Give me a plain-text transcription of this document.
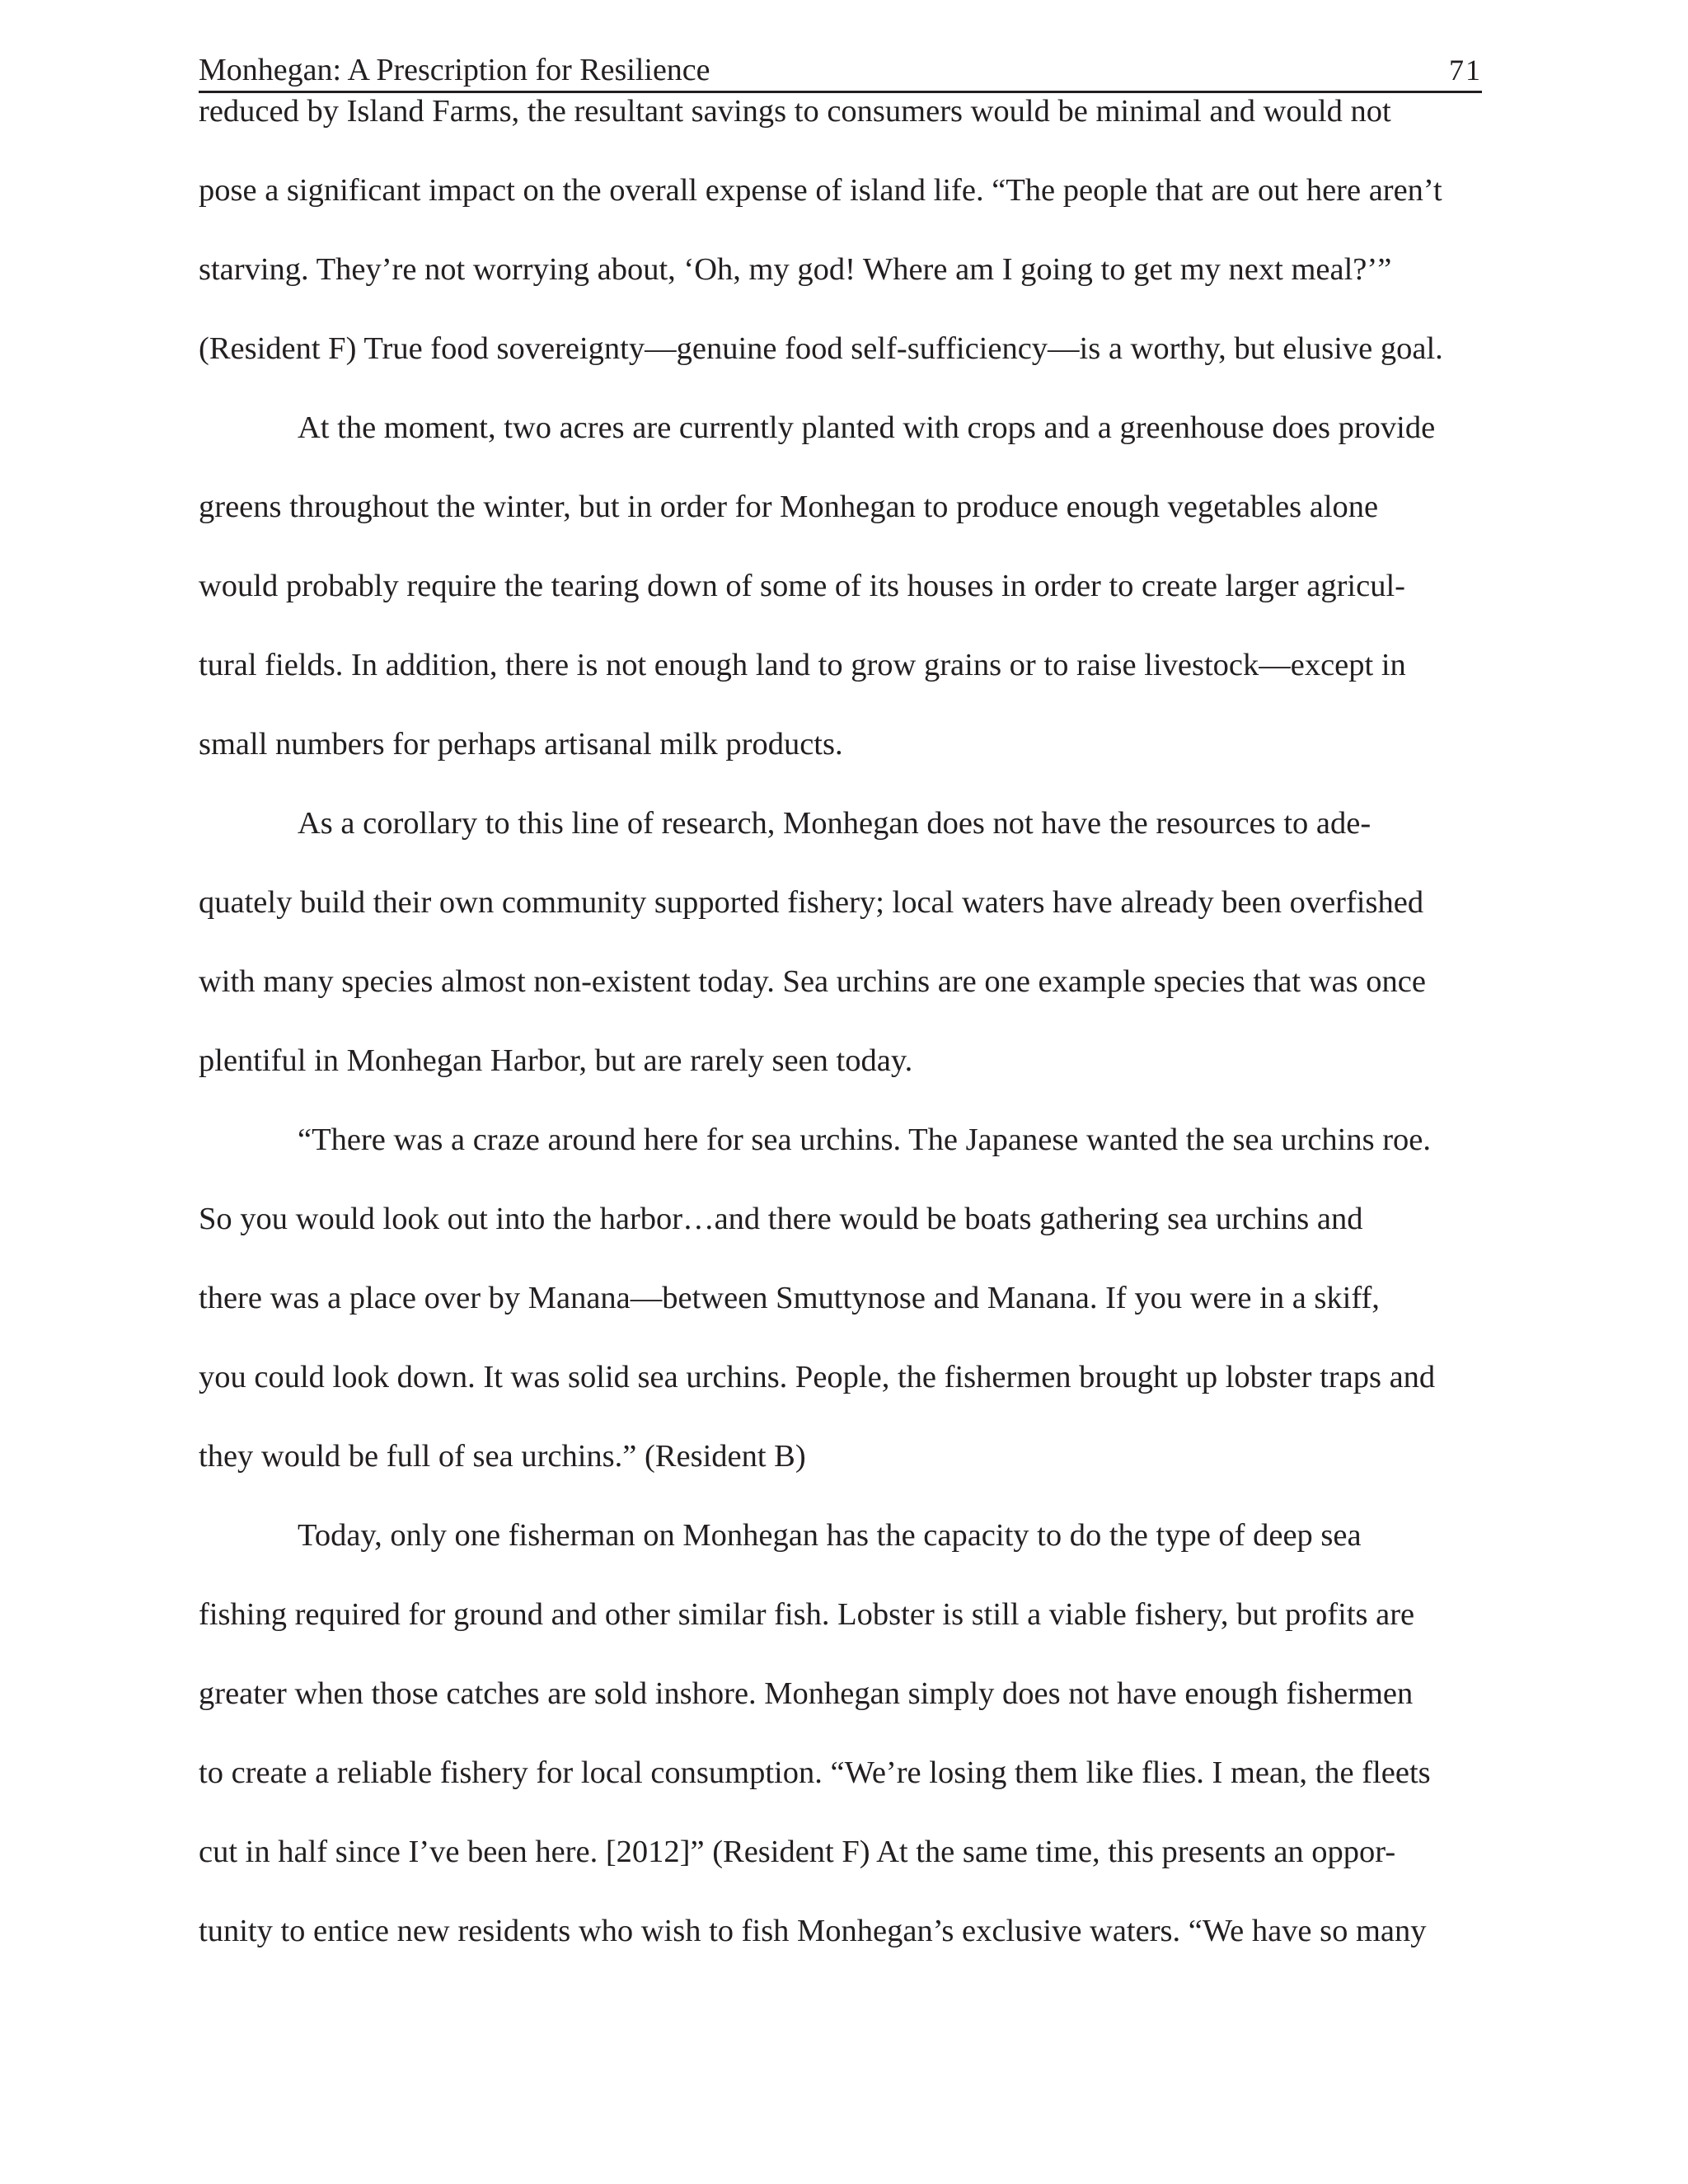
Monhegan: A Prescription for Resilience	71
reduced by Island Farms, the resultant savings to consumers would be minimal and would not
pose a significant impact on the overall expense of island life. “The people that are out here aren’t
starving. They’re not worrying about, ‘Oh, my god! Where am I going to get my next meal?’”
(Resident F) True food sovereignty—genuine food self-sufficiency—is a worthy, but elusive goal.
At the moment, two acres are currently planted with crops and a greenhouse does provide
greens throughout the winter, but in order for Monhegan to produce enough vegetables alone
would probably require the tearing down of some of its houses in order to create larger agricul-
tural fields. In addition, there is not enough land to grow grains or to raise livestock—except in
small numbers for perhaps artisanal milk products.
As a corollary to this line of research, Monhegan does not have the resources to ade-
quately build their own community supported fishery; local waters have already been overfished
with many species almost non-existent today. Sea urchins are one example species that was once
plentiful in Monhegan Harbor, but are rarely seen today.
“There was a craze around here for sea urchins. The Japanese wanted the sea urchins roe.
So you would look out into the harbor…and there would be boats gathering sea urchins and
there was a place over by Manana—between Smuttynose and Manana. If you were in a skiff,
you could look down. It was solid sea urchins. People, the fishermen brought up lobster traps and
they would be full of sea urchins.” (Resident B)
Today, only one fisherman on Monhegan has the capacity to do the type of deep sea
fishing required for ground and other similar fish. Lobster is still a viable fishery, but profits are
greater when those catches are sold inshore. Monhegan simply does not have enough fishermen
to create a reliable fishery for local consumption. “We’re losing them like flies. I mean, the fleets
cut in half since I’ve been here. [2012]” (Resident F) At the same time, this presents an oppor-
tunity to entice new residents who wish to fish Monhegan’s exclusive waters. “We have so many
